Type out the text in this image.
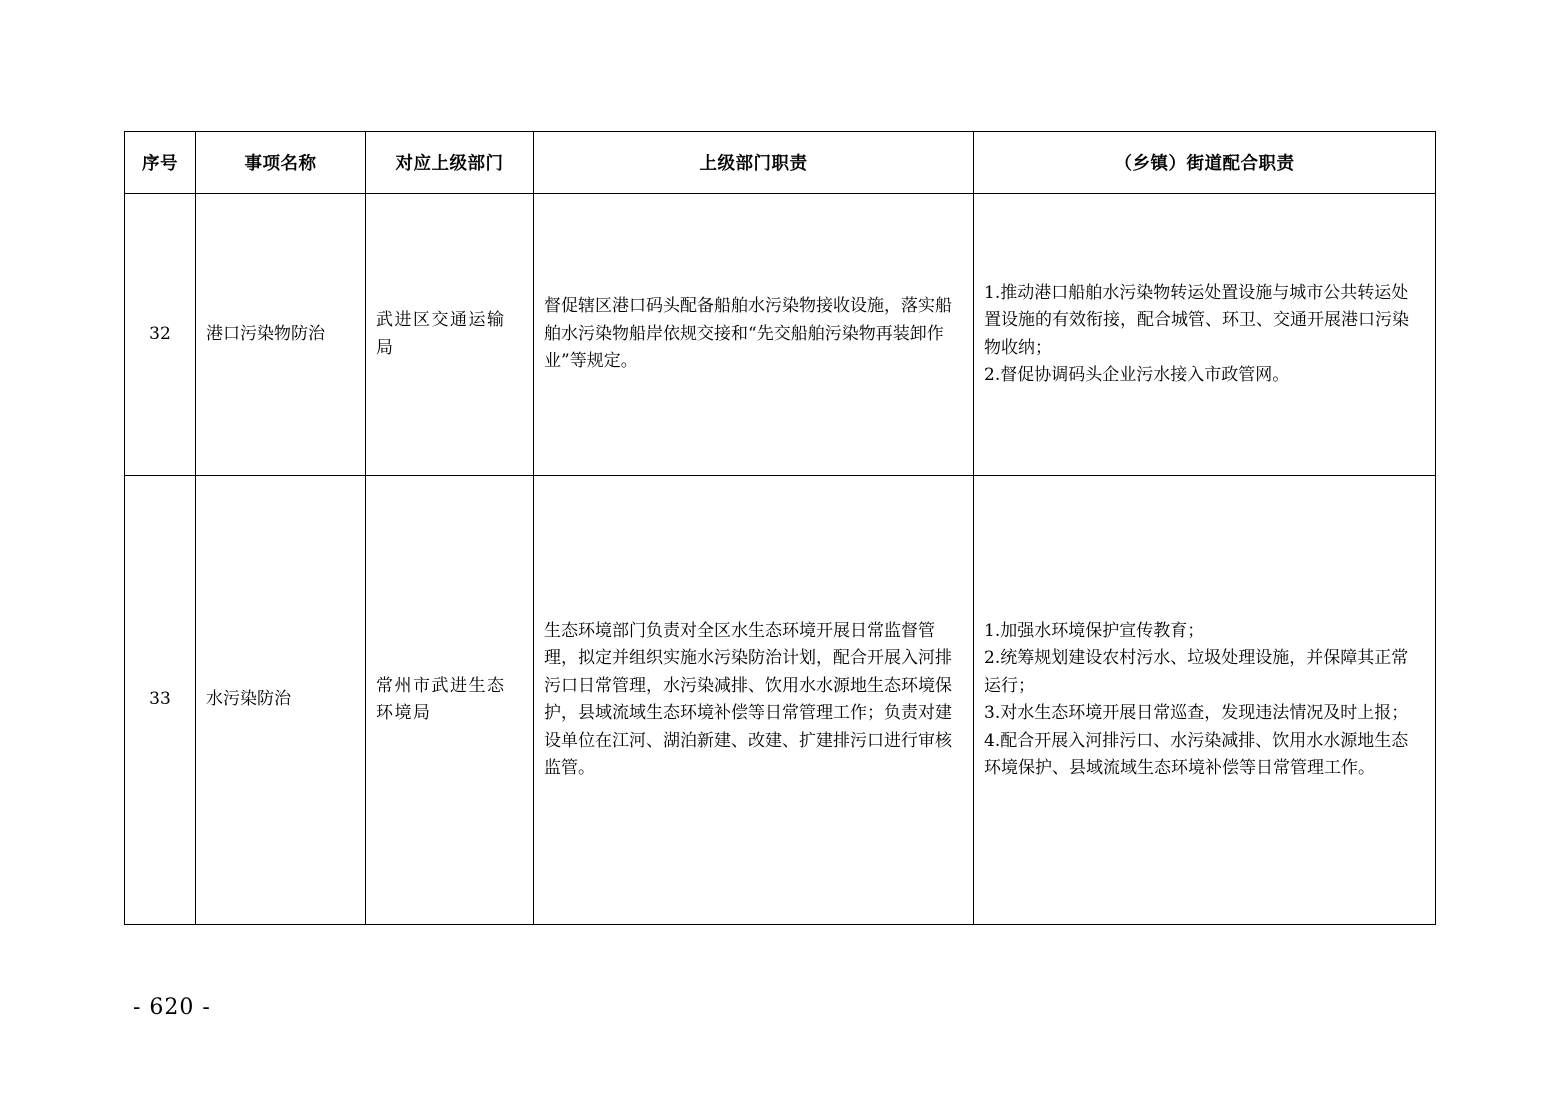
序号	事项名称	对应上级部门	上级部门职责	（乡镇）街道配合职责
32	港口污染物防治	武进区交通运输局	督促辖区港口码头配备船舶水污染物接收设施，落实船舶水污染物船岸依规交接和“先交船舶污染物再装卸作业”等规定。	1.推动港口船舶水污染物转运处置设施与城市公共转运处置设施的有效衔接，配合城管、环卫、交通开展港口污染物收纳；
2.督促协调码头企业污水接入市政管网。

33	水污染防治	常州市武进生态环境局	生态环境部门负责对全区水生态环境开展日常监督管理，拟定并组织实施水污染防治计划，配合开展入河排污口日常管理，水污染减排、饮用水水源地生态环境保护，县域流域生态环境补偿等日常管理工作；负责对建设单位在江河、湖泊新建、改建、扩建排污口进行审核监管。	1.加强水环境保护宣传教育；
2.统筹规划建设农村污水、垃圾处理设施，并保障其正常运行；
3.对水生态环境开展日常巡查，发现违法情况及时上报；
4.配合开展入河排污口、水污染减排、饮用水水源地生态环境保护、县域流域生态环境补偿等日常管理工作。
- 620 -
